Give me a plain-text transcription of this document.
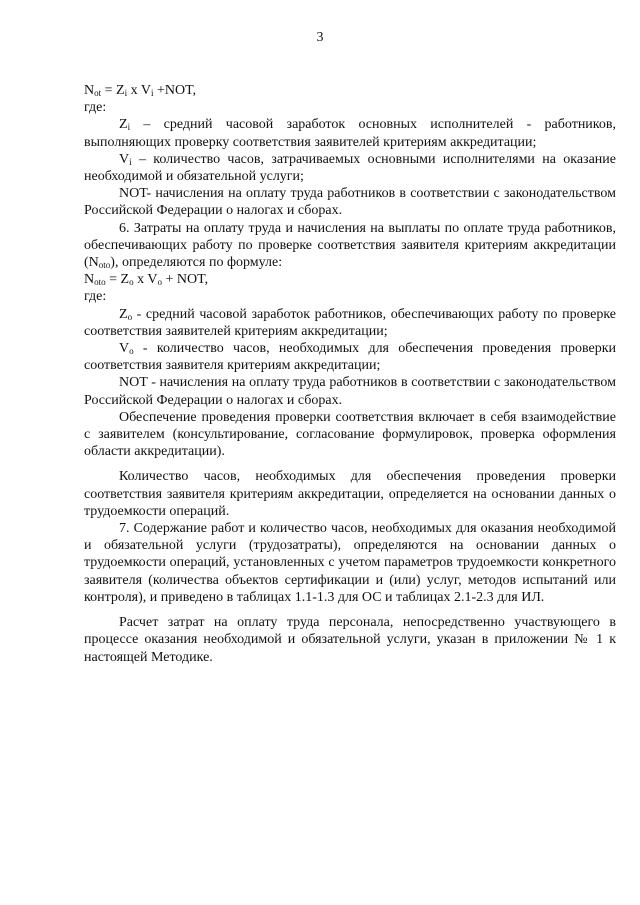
3

$N_{ot} = Z_i$ x $V_i +NOT$,

где:

$Z_i$ – средний часовой заработок основных исполнителей - работников, выполняющих проверку соответствия заявителей критериям аккредитации;

$V_i$ – количество часов, затрачиваемых основными исполнителями на оказание необходимой и обязательной услуги;

NOT- начисления на оплату труда работников в соответствии с законодательством Российской Федерации о налогах и сборах.

6. Затраты на оплату труда и начисления на выплаты по оплате труда работников, обеспечивающих работу по проверке соответствия заявителя критериям аккредитации $(N_{oto})$, определяются по формуле:

$N_{oto} = Z_o$ x $V_o$ + NOT,

где:

$Z_o$ - средний часовой заработок работников, обеспечивающих работу по проверке соответствия заявителей критериям аккредитации;

$V_o$ - количество часов, необходимых для обеспечения проведения проверки соответствия заявителя критериям аккредитации;

NOT - начисления на оплату труда работников в соответствии с законодательством Российской Федерации о налогах и сборах.

Обеспечение проведения проверки соответствия включает в себя взаимодействие с заявителем (консультирование, согласование формулировок, проверка оформления области аккредитации).

Количество часов, необходимых для обеспечения проведения проверки соответствия заявителя критериям аккредитации, определяется на основании данных о трудоемкости операций.

7. Содержание работ и количество часов, необходимых для оказания необходимой и обязательной услуги (трудозатраты), определяются на основании данных о трудоемкости операций, установленных с учетом параметров трудоемкости конкретного заявителя (количества объектов сертификации и (или) услуг, методов испытаний или контроля), и приведено в таблицах 1.1-1.3 для ОС и таблицах 2.1-2.3 для ИЛ.

Расчет затрат на оплату труда персонала, непосредственно участвующего в процессе оказания необходимой и обязательной услуги, указан в приложении № 1 к настоящей Методике.
